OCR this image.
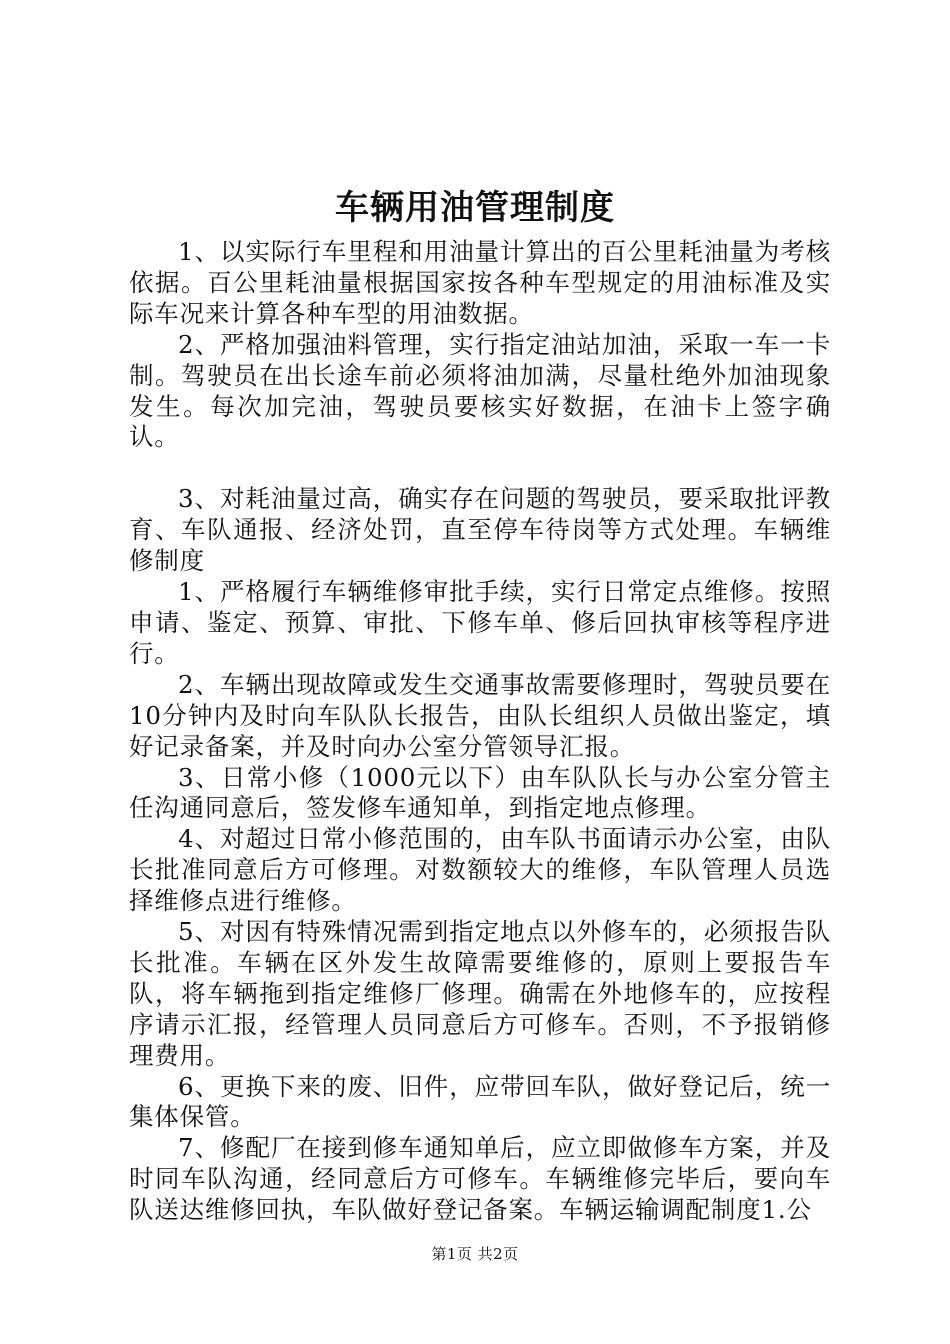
车辆用油管理制度

1、以实际行车里程和用油量计算出的百公里耗油量为考核依据。百公里耗油量根据国家按各种车型规定的用油标准及实际车况来计算各种车型的用油数据。

2、严格加强油料管理，实行指定油站加油，采取一车一卡制。驾驶员在出长途车前必须将油加满，尽量杜绝外加油现象发生。每次加完油，驾驶员要核实好数据，在油卡上签字确认。

3、对耗油量过高，确实存在问题的驾驶员，要采取批评教育、车队通报、经济处罚，直至停车待岗等方式处理。车辆维修制度

1、严格履行车辆维修审批手续，实行日常定点维修。按照申请、鉴定、预算、审批、下修车单、修后回执审核等程序进行。

2、车辆出现故障或发生交通事故需要修理时，驾驶员要在10分钟内及时向车队队长报告，由队长组织人员做出鉴定，填好记录备案，并及时向办公室分管领导汇报。

3、日常小修（1000元以下）由车队队长与办公室分管主任沟通同意后，签发修车通知单，到指定地点修理。

4、对超过日常小修范围的，由车队书面请示办公室，由队长批准同意后方可修理。对数额较大的维修，车队管理人员选择维修点进行维修。

5、对因有特殊情况需到指定地点以外修车的，必须报告队长批准。车辆在区外发生故障需要维修的，原则上要报告车队，将车辆拖到指定维修厂修理。确需在外地修车的，应按程序请示汇报，经管理人员同意后方可修车。否则，不予报销修理费用。

6、更换下来的废、旧件，应带回车队，做好登记后，统一集体保管。

7、修配厂在接到修车通知单后，应立即做修车方案，并及时同车队沟通，经同意后方可修车。车辆维修完毕后，要向车队送达维修回执，车队做好登记备案。车辆运输调配制度1.公

第1页 共2页
